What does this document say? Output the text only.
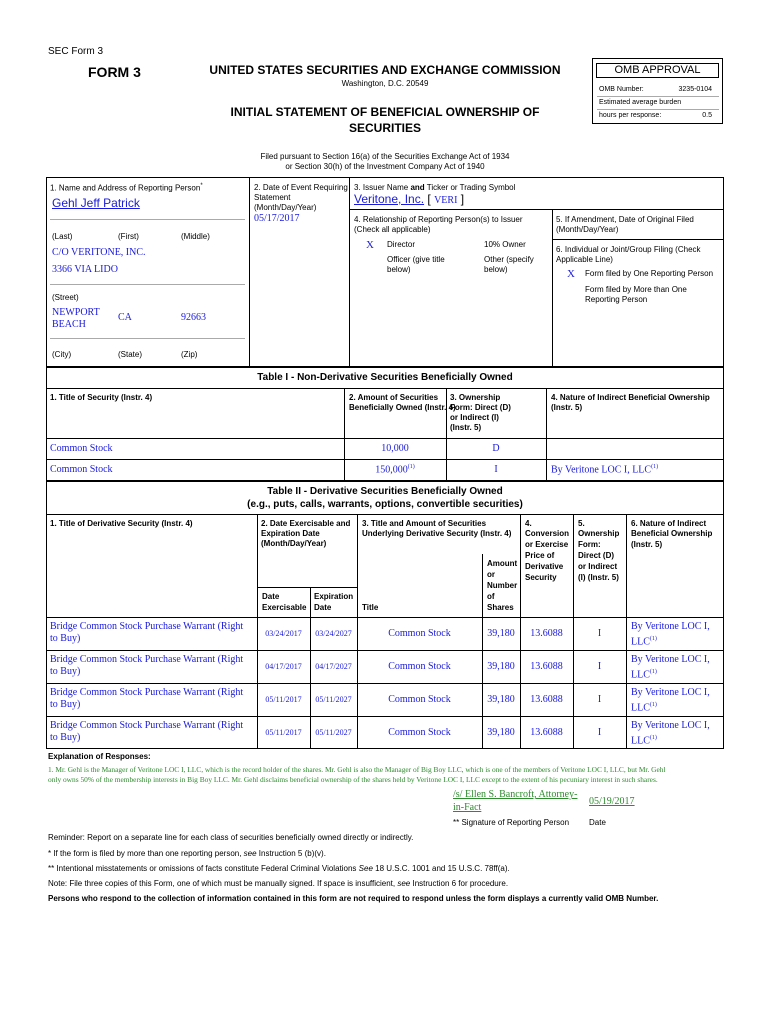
SEC Form 3
FORM 3	UNITED STATES SECURITIES AND EXCHANGE COMMISSION
Washington, D.C. 20549
INITIAL STATEMENT OF BENEFICIAL OWNERSHIP OF
SECURITIES
Filed pursuant to Section 16(a) of the Securities Exchange Act of 1934
or Section 30(h) of the Investment Company Act of 1940
OMB APPROVAL
OMB Number:	3235-0104
Estimated average burden
hours per response:	0.5
1. Name and Address of Reporting Person*
Gehl Jeff Patrick
(Last)	(First)	(Middle)
C/O VERITONE, INC.
3366 VIA LIDO
(Street)
NEWPORT
BEACH
CA	92663
(City)	(State)	(Zip)
2. Date of Event Requiring
Statement
(Month/Day/Year)
05/17/2017
3. Issuer Name and Ticker or Trading Symbol
Veritone, Inc. [ VERI ]
4. Relationship of Reporting Person(s) to Issuer
(Check all applicable)
X Director	10% Owner
Officer (give title
below)
Other (specify
below)
5. If Amendment, Date of Original Filed
(Month/Day/Year)
6. Individual or Joint/Group Filing (Check
Applicable Line)
X Form filed by One Reporting Person
Form filed by More than One
Reporting Person
Table I - Non-Derivative Securities Beneficially Owned
1. Title of Security (Instr. 4)	2. Amount of Securities
Beneficially Owned (Instr. 4)
3. Ownership
Form: Direct (D)
or Indirect (I)
(Instr. 5)
4. Nature of Indirect Beneficial Ownership
(Instr. 5)
Common Stock	10,000	D
Common Stock	150,000$^{(1)}$	I	By Veritone LOC I, LLC$^{(1)}$
Table II - Derivative Securities Beneficially Owned
(e.g., puts, calls, warrants, options, convertible securities)
1. Title of Derivative Security (Instr. 4)	2. Date Exercisable and
Expiration Date
(Month/Day/Year)
3. Title and Amount of Securities
Underlying Derivative Security (Instr. 4)
4.
Conversion
or Exercise
Price of
Derivative
Security
5.
Ownership
Form:
Direct (D)
or Indirect
(I) (Instr. 5)
6. Nature of Indirect
Beneficial Ownership
(Instr. 5)
Amount
or
Number
of
Shares
Date
Exercisable
Expiration
Date	Title
Bridge Common Stock Purchase Warrant (Right
to Buy)	03/24/2017	03/24/2027	Common Stock	39,180	13.6088	I
By Veritone LOC I,
LLC$^{(1)}$
Bridge Common Stock Purchase Warrant (Right
to Buy)	04/17/2017	04/17/2027	Common Stock	39,180	13.6088	I
By Veritone LOC I,
LLC$^{(1)}$
Bridge Common Stock Purchase Warrant (Right
to Buy)	05/11/2017	05/11/2027	Common Stock	39,180	13.6088	I
By Veritone LOC I,
LLC$^{(1)}$
Bridge Common Stock Purchase Warrant (Right
to Buy)	05/11/2017	05/11/2027	Common Stock	39,180	13.6088	I
By Veritone LOC I,
LLC$^{(1)}$
Explanation of Responses:
1. Mr. Gehl is the Manager of Veritone LOC I, LLC, which is the record holder of the shares. Mr. Gehl is also the Manager of Big Boy LLC, which is one of the members of Veritone LOC I, LLC, but Mr. Gehl
only owns 50% of the membership interests in Big Boy LLC. Mr. Gehl disclaims beneficial ownership of the shares held by Veritone LOC I, LLC except to the extent of his pecuniary interest in such shares.
/s/ Ellen S. Bancroft, Attorney-
in-Fact
05/19/2017
** Signature of Reporting Person Date
Reminder: Report on a separate line for each class of securities beneficially owned directly or indirectly.
* If the form is filed by more than one reporting person, see Instruction 5 (b)(v).
** Intentional misstatements or omissions of facts constitute Federal Criminal Violations See 18 U.S.C. 1001 and 15 U.S.C. 78ff(a).
Note: File three copies of this Form, one of which must be manually signed. If space is insufficient, see Instruction 6 for procedure.
Persons who respond to the collection of information contained in this form are not required to respond unless the form displays a currently valid OMB Number.
